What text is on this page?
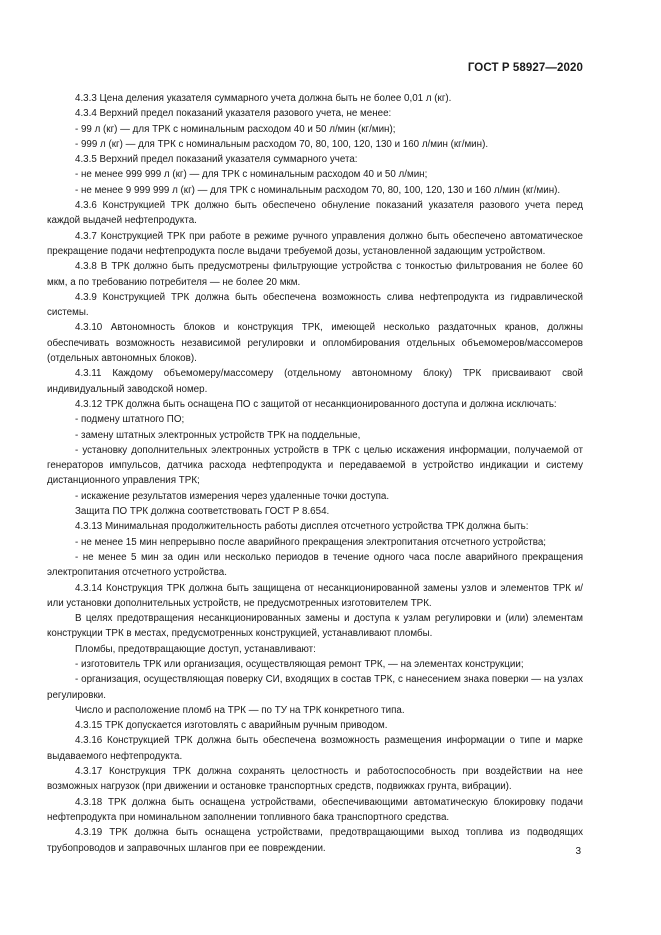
ГОСТ Р 58927—2020

4.3.3 Цена деления указателя суммарного учета должна быть не более 0,01 л (кг).

4.3.4 Верхний предел показаний указателя разового учета, не менее:

- 99 л (кг) — для ТРК с номинальным расходом 40 и 50 л/мин (кг/мин);

- 999 л (кг) — для ТРК с номинальным расходом 70, 80, 100, 120, 130 и 160 л/мин (кг/мин).

4.3.5 Верхний предел показаний указателя суммарного учета:

- не менее 999 999 л (кг) — для ТРК с номинальным расходом 40 и 50 л/мин;

- не менее 9 999 999 л (кг) — для ТРК с номинальным расходом 70, 80, 100, 120, 130 и 160 л/мин (кг/мин).

4.3.6 Конструкцией ТРК должно быть обеспечено обнуление показаний указателя разового учета перед каждой выдачей нефтепродукта.

4.3.7 Конструкцией ТРК при работе в режиме ручного управления должно быть обеспечено автоматическое прекращение подачи нефтепродукта после выдачи требуемой дозы, установленной задающим устройством.

4.3.8 В ТРК должно быть предусмотрены фильтрующие устройства с тонкостью фильтрования не более 60 мкм, а по требованию потребителя — не более 20 мкм.

4.3.9 Конструкцией ТРК должна быть обеспечена возможность слива нефтепродукта из гидравлической системы.

4.3.10 Автономность блоков и конструкция ТРК, имеющей несколько раздаточных кранов, должны обеспечивать возможность независимой регулировки и опломбирования отдельных объемомеров/массомеров (отдельных автономных блоков).

4.3.11 Каждому объемомеру/массомеру (отдельному автономному блоку) ТРК присваивают свой индивидуальный заводской номер.

4.3.12 ТРК должна быть оснащена ПО с защитой от несанкционированного доступа и должна исключать:

- подмену штатного ПО;

- замену штатных электронных устройств ТРК на поддельные,

- установку дополнительных электронных устройств в ТРК с целью искажения информации, получаемой от генераторов импульсов, датчика расхода нефтепродукта и передаваемой в устройство индикации и систему дистанционного управления ТРК;

- искажение результатов измерения через удаленные точки доступа.

Защита ПО ТРК должна соответствовать ГОСТ Р 8.654.

4.3.13 Минимальная продолжительность работы дисплея отсчетного устройства ТРК должна быть:

- не менее 15 мин непрерывно после аварийного прекращения электропитания отсчетного устройства;

- не менее 5 мин за один или несколько периодов в течение одного часа после аварийного прекращения электропитания отсчетного устройства.

4.3.14 Конструкция ТРК должна быть защищена от несанкционированной замены узлов и элементов ТРК и/или установки дополнительных устройств, не предусмотренных изготовителем ТРК.

В целях предотвращения несанкционированных замены и доступа к узлам регулировки и (или) элементам конструкции ТРК в местах, предусмотренных конструкцией, устанавливают пломбы.

Пломбы, предотвращающие доступ, устанавливают:

- изготовитель ТРК или организация, осуществляющая ремонт ТРК, — на элементах конструкции;

- организация, осуществляющая поверку СИ, входящих в состав ТРК, с нанесением знака поверки — на узлах регулировки.

Число и расположение пломб на ТРК — по ТУ на ТРК конкретного типа.

4.3.15 ТРК допускается изготовлять с аварийным ручным приводом.

4.3.16 Конструкцией ТРК должна быть обеспечена возможность размещения информации о типе и марке выдаваемого нефтепродукта.

4.3.17 Конструкция ТРК должна сохранять целостность и работоспособность при воздействии на нее возможных нагрузок (при движении и остановке транспортных средств, подвижках грунта, вибрации).

4.3.18 ТРК должна быть оснащена устройствами, обеспечивающими автоматическую блокировку подачи нефтепродукта при номинальном заполнении топливного бака транспортного средства.

4.3.19 ТРК должна быть оснащена устройствами, предотвращающими выход топлива из подводящих трубопроводов и заправочных шлангов при ее повреждении.	3
